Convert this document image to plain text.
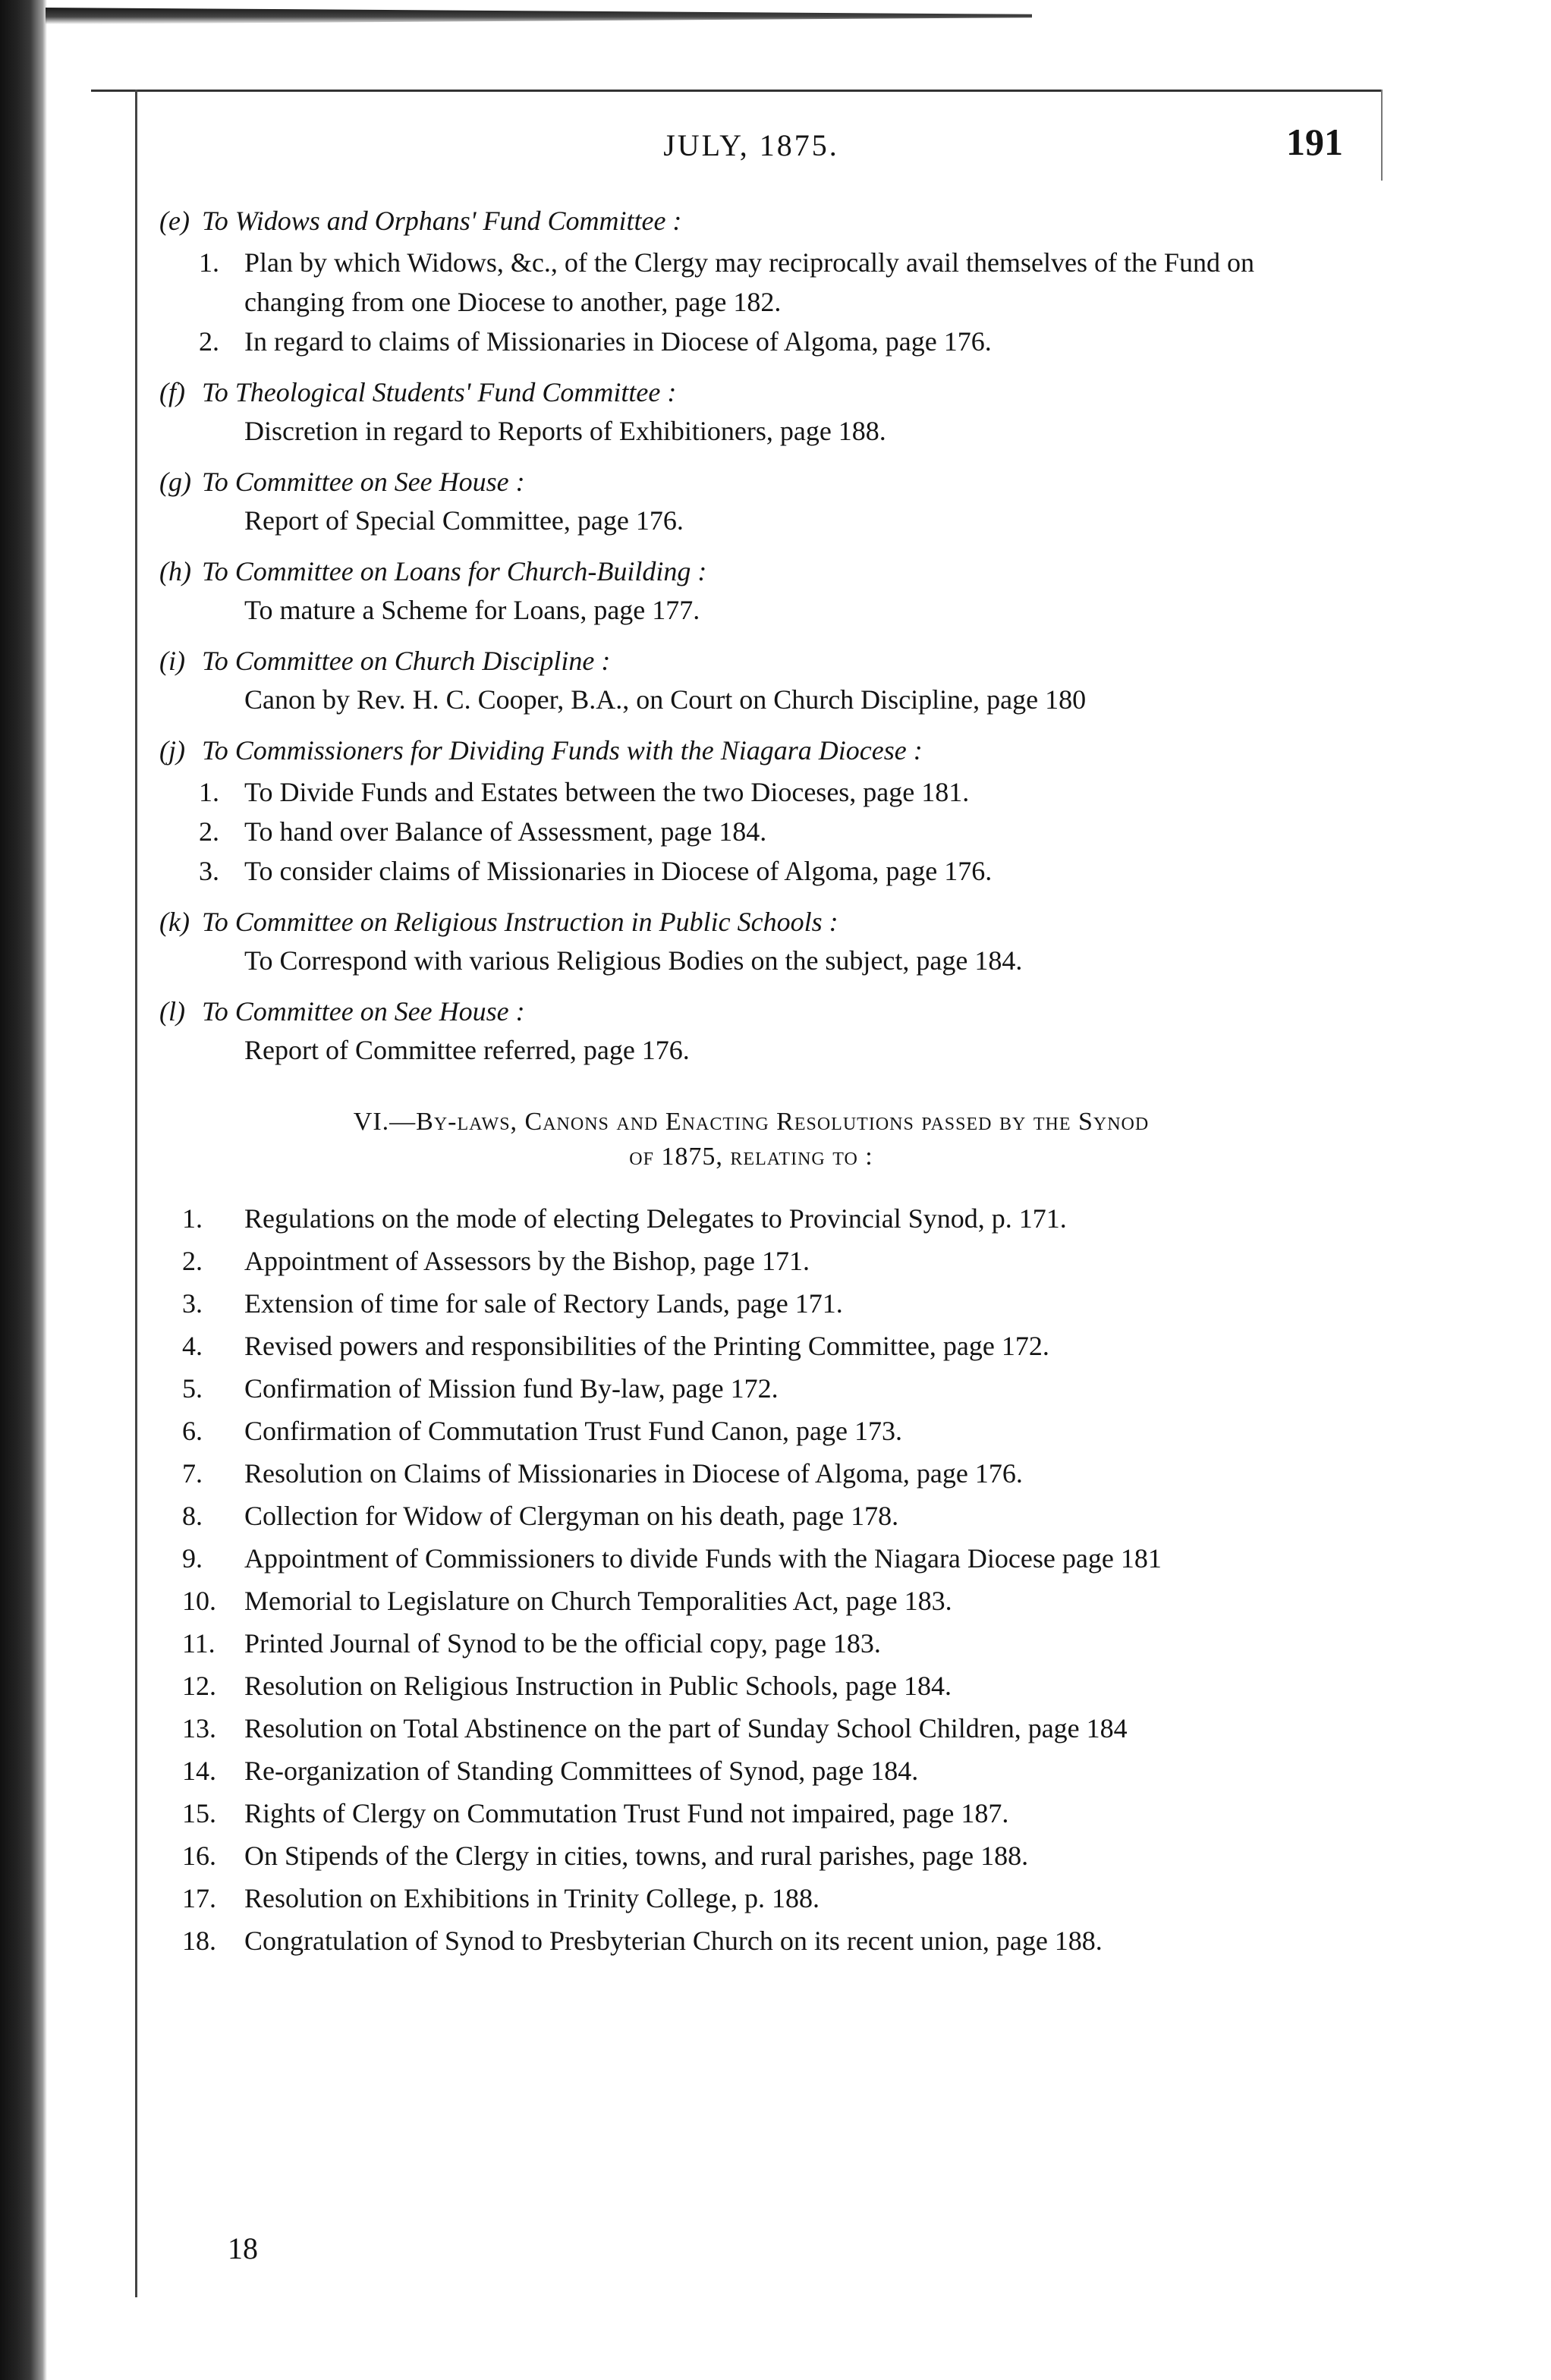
JULY, 1875.	191
(e) To Widows and Orphans' Fund Committee :
1. Plan by which Widows, &c., of the Clergy may reciprocally avail themselves of the Fund on changing from one Diocese to another, page 182.
2. In regard to claims of Missionaries in Diocese of Algoma, page 176.
(f) To Theological Students' Fund Committee :
Discretion in regard to Reports of Exhibitioners, page 188.
(g) To Committee on See House :
Report of Special Committee, page 176.
(h) To Committee on Loans for Church-Building :
To mature a Scheme for Loans, page 177.
(i) To Committee on Church Discipline :
Canon by Rev. H. C. Cooper, B.A., on Court on Church Discipline, page 180
(j) To Commissioners for Dividing Funds with the Niagara Diocese :
1. To Divide Funds and Estates between the two Dioceses, page 181.
2. To hand over Balance of Assessment, page 184.
3. To consider claims of Missionaries in Diocese of Algoma, page 176.
(k) To Committee on Religious Instruction in Public Schools :
To Correspond with various Religious Bodies on the subject, page 184.
(l) To Committee on See House :
Report of Committee referred, page 176.
VI.—By-laws, Canons and Enacting Resolutions passed by the Synod
of 1875, relating to :
1.	Regulations on the mode of electing Delegates to Provincial Synod, p. 171.
2.	Appointment of Assessors by the Bishop, page 171.
3.	Extension of time for sale of Rectory Lands, page 171.
4.	Revised powers and responsibilities of the Printing Committee, page 172.
5.	Confirmation of Mission fund By-law, page 172.
6.	Confirmation of Commutation Trust Fund Canon, page 173.
7.	Resolution on Claims of Missionaries in Diocese of Algoma, page 176.
8.	Collection for Widow of Clergyman on his death, page 178.
9.	Appointment of Commissioners to divide Funds with the Niagara Diocese page 181
10.	Memorial to Legislature on Church Temporalities Act, page 183.
11.	Printed Journal of Synod to be the official copy, page 183.
12.	Resolution on Religious Instruction in Public Schools, page 184.
13.	Resolution on Total Abstinence on the part of Sunday School Children, page 184
14.	Re-organization of Standing Committees of Synod, page 184.
15.	Rights of Clergy on Commutation Trust Fund not impaired, page 187.
16.	On Stipends of the Clergy in cities, towns, and rural parishes, page 188.
17.	Resolution on Exhibitions in Trinity College, p. 188.
18.	Congratulation of Synod to Presbyterian Church on its recent union, page 188.
18
